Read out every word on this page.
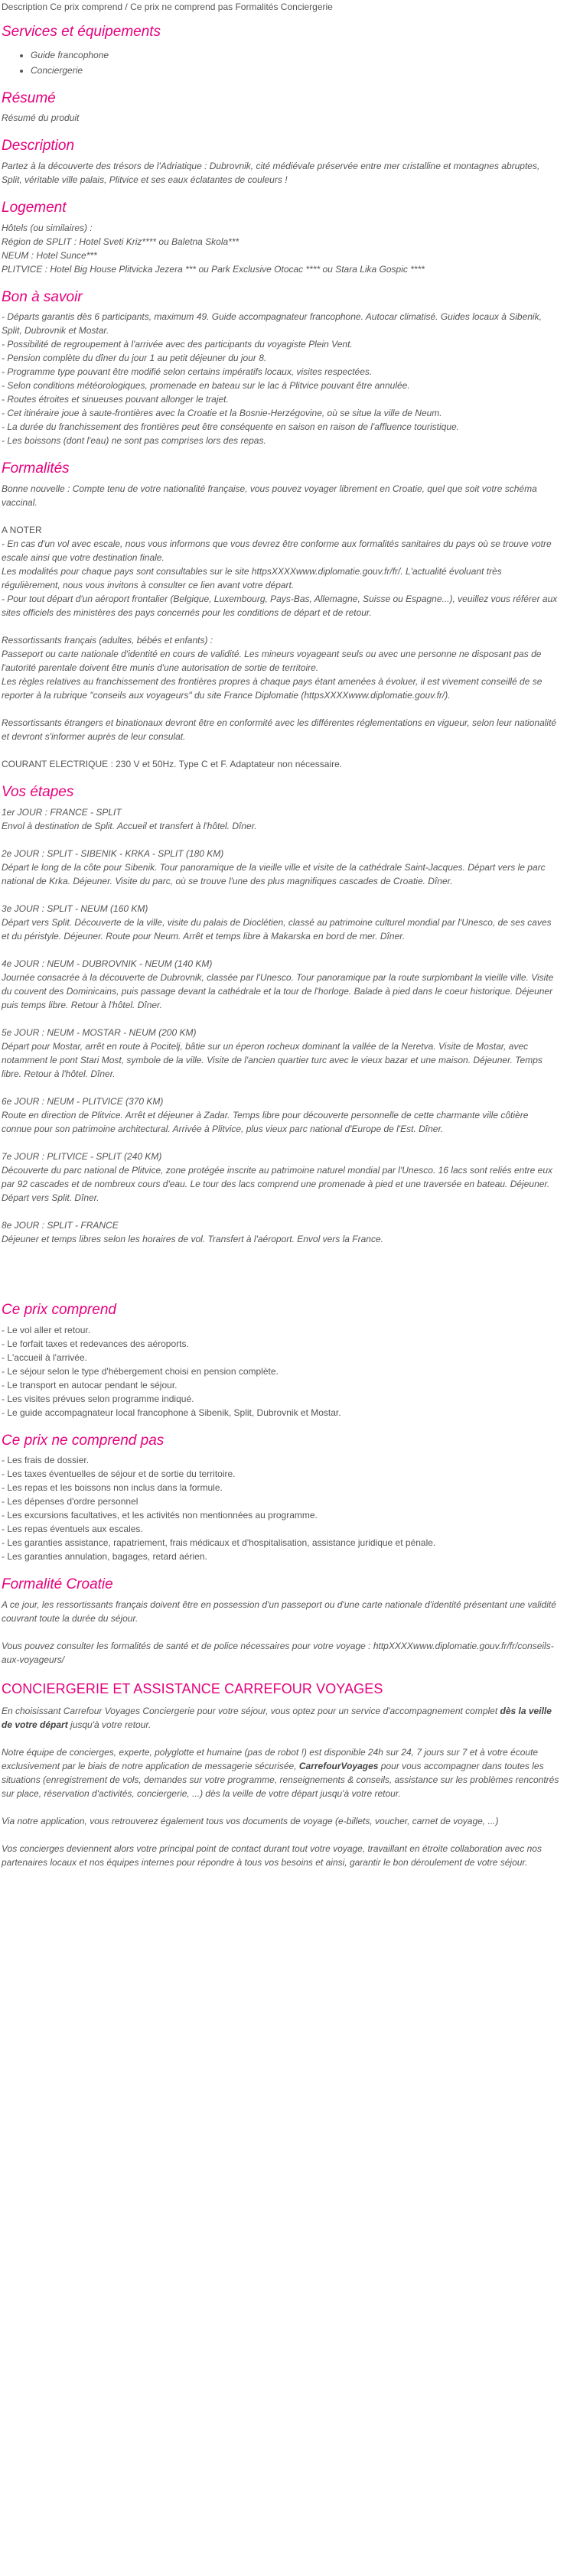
Description Ce prix comprend / Ce prix ne comprend pas Formalités Conciergerie
Services et équipements
• Guide francophone
• Conciergerie
Résumé

Résumé du produit

Description

Partez à la découverte des trésors de l'Adriatique : Dubrovnik, cité médiévale préservée entre mer cristalline et montagnes abruptes, Split, véritable ville palais, Plitvice et ses eaux éclatantes de couleurs !

Logement
Hôtels (ou similaires) :
Région de SPLIT : Hotel Sveti Kriz**** ou Baletna Skola***
NEUM : Hotel Sunce***
PLITVICE : Hotel Big House Plitvicka Jezera *** ou Park Exclusive Otocac **** ou Stara Lika Gospic ****
Bon à savoir
- Départs garantis dès 6 participants, maximum 49. Guide accompagnateur francophone. Autocar climatisé. Guides locaux à Sibenik, Split, Dubrovnik et Mostar.
- Possibilité de regroupement à l'arrivée avec des participants du voyagiste Plein Vent.
- Pension complète du dîner du jour 1 au petit déjeuner du jour 8.
- Programme type pouvant être modifié selon certains impératifs locaux, visites respectées.
- Selon conditions météorologiques, promenade en bateau sur le lac à Plitvice pouvant être annulée.
- Routes étroites et sinueuses pouvant allonger le trajet.
- Cet itinéraire joue à saute-frontières avec la Croatie et la Bosnie-Herzégovine, où se situe la ville de Neum.
- La durée du franchissement des frontières peut être conséquente en saison en raison de l'affluence touristique.
- Les boissons (dont l'eau) ne sont pas comprises lors des repas.
Formalités
Bonne nouvelle : Compte tenu de votre nationalité française, vous pouvez voyager librement en Croatie, quel que soit votre schéma vaccinal.
A NOTER
- En cas d'un vol avec escale, nous vous informons que vous devrez être conforme aux formalités sanitaires du pays où se trouve votre escale ainsi que votre destination finale.
Les modalités pour chaque pays sont consultables sur le site httpsXXXXwww.diplomatie.gouv.fr/fr/. L'actualité évoluant très régulièrement, nous vous invitons à consulter ce lien avant votre départ.
- Pour tout départ d'un aéroport frontalier (Belgique, Luxembourg, Pays-Bas, Allemagne, Suisse ou Espagne...), veuillez vous référer aux sites officiels des ministères des pays concernés pour les conditions de départ et de retour.
Ressortissants français (adultes, bébés et enfants) :
Passeport ou carte nationale d'identité en cours de validité. Les mineurs voyageant seuls ou avec une personne ne disposant pas de l'autorité parentale doivent être munis d'une autorisation de sortie de territoire.
Les règles relatives au franchissement des frontières propres à chaque pays étant amenées à évoluer, il est vivement conseillé de se reporter à la rubrique "conseils aux voyageurs" du site France Diplomatie (httpsXXXXwww.diplomatie.gouv.fr/).
Ressortissants étrangers et binationaux devront être en conformité avec les différentes réglementations en vigueur, selon leur nationalité et devront s'informer auprès de leur consulat.
COURANT ELECTRIQUE : 230 V et 50Hz. Type C et F. Adaptateur non nécessaire.
Vos étapes
1er JOUR : FRANCE - SPLIT
Envol à destination de Split. Accueil et transfert à l'hôtel. Dîner.
2e JOUR : SPLIT - SIBENIK - KRKA - SPLIT (180 KM)
Départ le long de la côte pour Sibenik. Tour panoramique de la vieille ville et visite de la cathédrale Saint-Jacques. Départ vers le parc national de Krka. Déjeuner. Visite du parc, où se trouve l'une des plus magnifiques cascades de Croatie. Dîner.
3e JOUR : SPLIT - NEUM (160 KM)
Départ vers Split. Découverte de la ville, visite du palais de Dioclétien, classé au patrimoine culturel mondial par l'Unesco, de ses caves et du péristyle. Déjeuner. Route pour Neum. Arrêt et temps libre à Makarska en bord de mer. Dîner.
4e JOUR : NEUM - DUBROVNIK - NEUM (140 KM)
Journée consacrée à la découverte de Dubrovnik, classée par l'Unesco. Tour panoramique par la route surplombant la vieille ville. Visite du couvent des Dominicains, puis passage devant la cathédrale et la tour de l'horloge. Balade à pied dans le coeur historique. Déjeuner puis temps libre. Retour à l'hôtel. Dîner.
5e JOUR : NEUM - MOSTAR - NEUM (200 KM)
Départ pour Mostar, arrêt en route à Pocitelj, bâtie sur un éperon rocheux dominant la vallée de la Neretva. Visite de Mostar, avec notamment le pont Stari Most, symbole de la ville. Visite de l'ancien quartier turc avec le vieux bazar et une maison. Déjeuner. Temps libre. Retour à l'hôtel. Dîner.
6e JOUR : NEUM - PLITVICE (370 KM)
Route en direction de Plitvice. Arrêt et déjeuner à Zadar. Temps libre pour découverte personnelle de cette charmante ville côtière connue pour son patrimoine architectural. Arrivée à Plitvice, plus vieux parc national d'Europe de l'Est. Dîner.
7e JOUR : PLITVICE - SPLIT (240 KM)
Découverte du parc national de Plitvice, zone protégée inscrite au patrimoine naturel mondial par l'Unesco. 16 lacs sont reliés entre eux par 92 cascades et de nombreux cours d'eau. Le tour des lacs comprend une promenade à pied et une traversée en bateau. Déjeuner. Départ vers Split. Dîner.
8e JOUR : SPLIT - FRANCE
Déjeuner et temps libres selon les horaires de vol. Transfert à l'aéroport. Envol vers la France.
Ce prix comprend
- Le vol aller et retour.
- Le forfait taxes et redevances des aéroports.
- L'accueil à l'arrivée.
- Le séjour selon le type d'hébergement choisi en pension complète.
- Le transport en autocar pendant le séjour.
- Les visites prévues selon programme indiqué.
- Le guide accompagnateur local francophone à Sibenik, Split, Dubrovnik et Mostar.
Ce prix ne comprend pas
- Les frais de dossier.
- Les taxes éventuelles de séjour et de sortie du territoire.
- Les repas et les boissons non inclus dans la formule.
- Les dépenses d'ordre personnel
- Les excursions facultatives, et les activités non mentionnées au programme.
- Les repas éventuels aux escales.
- Les garanties assistance, rapatriement, frais médicaux et d'hospitalisation, assistance juridique et pénale.
- Les garanties annulation, bagages, retard aérien.
Formalité Croatie
A ce jour, les ressortissants français doivent être en possession d'un passeport ou d'une carte nationale d'identité présentant une validité couvrant toute la durée du séjour.
Vous pouvez consulter les formalités de santé et de police nécessaires pour votre voyage : httpXXXXwww.diplomatie.gouv.fr/fr/conseils-aux-voyageurs/
CONCIERGERIE ET ASSISTANCE CARREFOUR VOYAGES

En choisissant Carrefour Voyages Conciergerie pour votre séjour, vous optez pour un service d'accompagnement complet dès la veille de votre départ jusqu'à votre retour.

Notre équipe de concierges, experte, polyglotte et humaine (pas de robot !) est disponible 24h sur 24, 7 jours sur 7 et à votre écoute exclusivement par le biais de notre application de messagerie sécurisée, CarrefourVoyages pour vous accompagner dans toutes les situations (enregistrement de vols, demandes sur votre programme, renseignements & conseils, assistance sur les problèmes rencontrés sur place, réservation d'activités, conciergerie, ...) dès la veille de votre départ jusqu'à votre retour.

Via notre application, vous retrouverez également tous vos documents de voyage (e-billets, voucher, carnet de voyage, ...)

Vos concierges deviennent alors votre principal point de contact durant tout votre voyage, travaillant en étroite collaboration avec nos partenaires locaux et nos équipes internes pour répondre à tous vos besoins et ainsi, garantir le bon déroulement de votre séjour.
